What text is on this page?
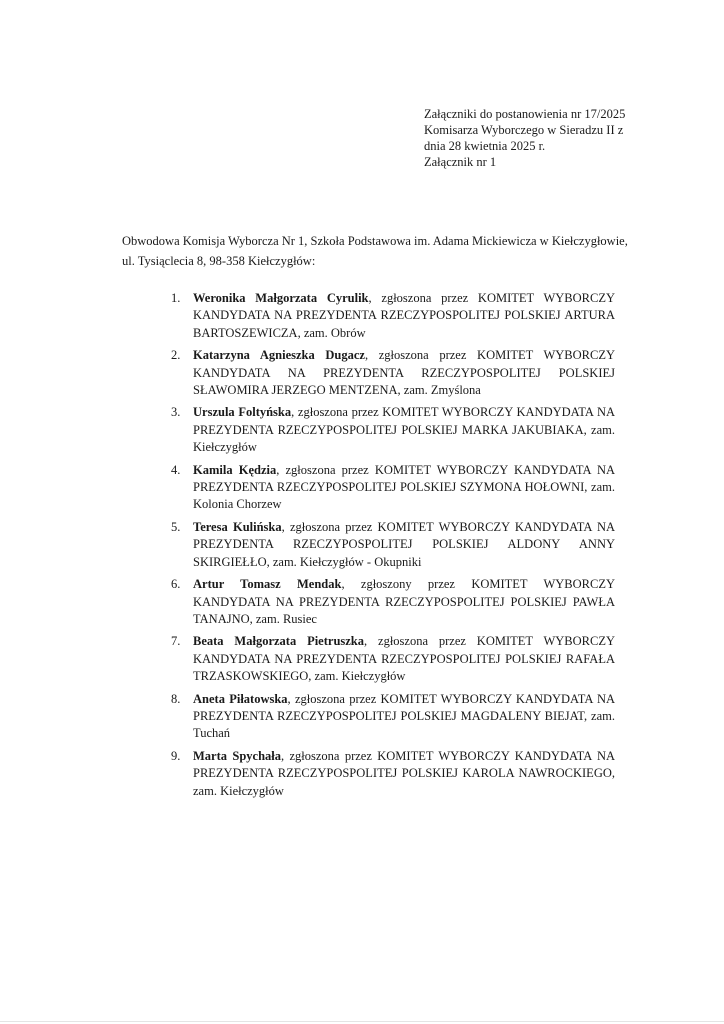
Załączniki do postanowienia nr 17/2025
Komisarza Wyborczego w Sieradzu II z
dnia 28 kwietnia 2025 r.
Załącznik nr 1
Obwodowa Komisja Wyborcza Nr 1, Szkoła Podstawowa im. Adama Mickiewicza w Kiełczygłowie,
ul. Tysiąclecia 8, 98-358 Kiełczygłów:
1. Weronika Małgorzata Cyrulik, zgłoszona przez KOMITET WYBORCZY KANDYDATA NA PREZYDENTA RZECZYPOSPOLITEJ POLSKIEJ ARTURA BARTOSZEWICZA, zam. Obrów
2. Katarzyna Agnieszka Dugacz, zgłoszona przez KOMITET WYBORCZY KANDYDATA NA PREZYDENTA RZECZYPOSPOLITEJ POLSKIEJ SŁAWOMIRA JERZEGO MENTZENA, zam. Zmyślona
3. Urszula Foltyńska, zgłoszona przez KOMITET WYBORCZY KANDYDATA NA PREZYDENTA RZECZYPOSPOLITEJ POLSKIEJ MARKA JAKUBIAKA, zam. Kiełczygłów
4. Kamila Kędzia, zgłoszona przez KOMITET WYBORCZY KANDYDATA NA PREZYDENTA RZECZYPOSPOLITEJ POLSKIEJ SZYMONA HOŁOWNI, zam. Kolonia Chorzew
5. Teresa Kulińska, zgłoszona przez KOMITET WYBORCZY KANDYDATA NA PREZYDENTA RZECZYPOSPOLITEJ POLSKIEJ ALDONY ANNY SKIRGIEŁŁO, zam. Kiełczygłów - Okupniki
6. Artur Tomasz Mendak, zgłoszony przez KOMITET WYBORCZY KANDYDATA NA PREZYDENTA RZECZYPOSPOLITEJ POLSKIEJ PAWŁA TANAJNO, zam. Rusiec
7. Beata Małgorzata Pietruszka, zgłoszona przez KOMITET WYBORCZY KANDYDATA NA PREZYDENTA RZECZYPOSPOLITEJ POLSKIEJ RAFAŁA TRZASKOWSKIEGO, zam. Kiełczygłów
8. Aneta Piłatowska, zgłoszona przez KOMITET WYBORCZY KANDYDATA NA PREZYDENTA RZECZYPOSPOLITEJ POLSKIEJ MAGDALENY BIEJAT, zam. Tuchań
9. Marta Spychała, zgłoszona przez KOMITET WYBORCZY KANDYDATA NA PREZYDENTA RZECZYPOSPOLITEJ POLSKIEJ KAROLA NAWROCKIEGO, zam. Kiełczygłów
